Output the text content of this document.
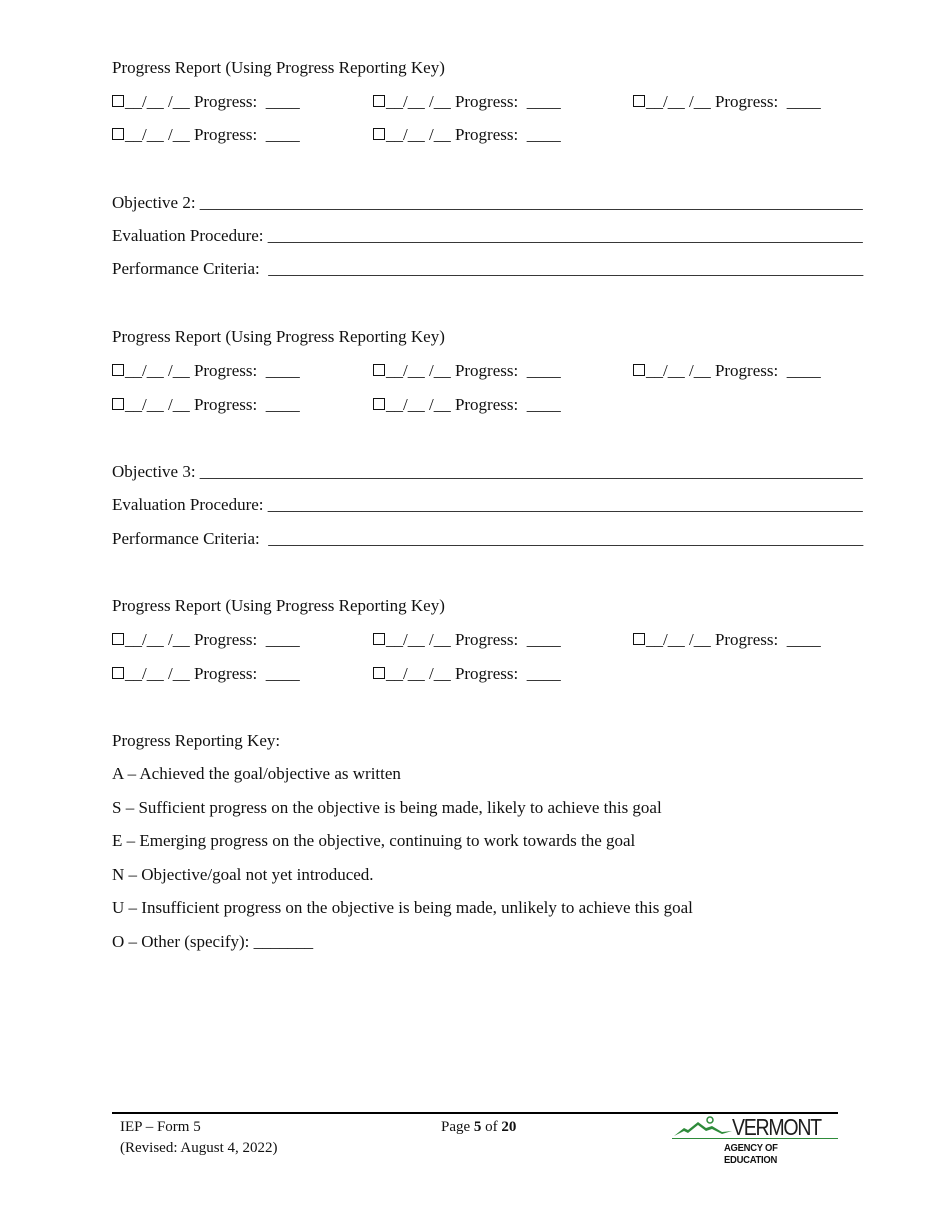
Progress Report (Using Progress Reporting Key)
__/__ /__ Progress:  ____	__/__ /__ Progress:  ____	__/__ /__ Progress:  ____
__/__ /__ Progress:  ____	__/__ /__ Progress:  ____
Objective 2: ______________________________________________________________________________
Evaluation Procedure: ______________________________________________________________________
Performance Criteria:  ______________________________________________________________________
Progress Report (Using Progress Reporting Key)
__/__ /__ Progress:  ____	__/__ /__ Progress:  ____	__/__ /__ Progress:  ____
__/__ /__ Progress:  ____	__/__ /__ Progress:  ____
Objective 3: ______________________________________________________________________________
Evaluation Procedure: ______________________________________________________________________
Performance Criteria:  ______________________________________________________________________
Progress Report (Using Progress Reporting Key)
__/__ /__ Progress:  ____	__/__ /__ Progress:  ____	__/__ /__ Progress:  ____
__/__ /__ Progress:  ____	__/__ /__ Progress:  ____
Progress Reporting Key:
A – Achieved the goal/objective as written
S – Sufficient progress on the objective is being made, likely to achieve this goal
E – Emerging progress on the objective, continuing to work towards the goal
N – Objective/goal not yet introduced.
U – Insufficient progress on the objective is being made, unlikely to achieve this goal
O – Other (specify): _______
IEP – Form 5
(Revised: August 4, 2022)
Page 5 of 20	VERMONT
AGENCY OF EDUCATION
